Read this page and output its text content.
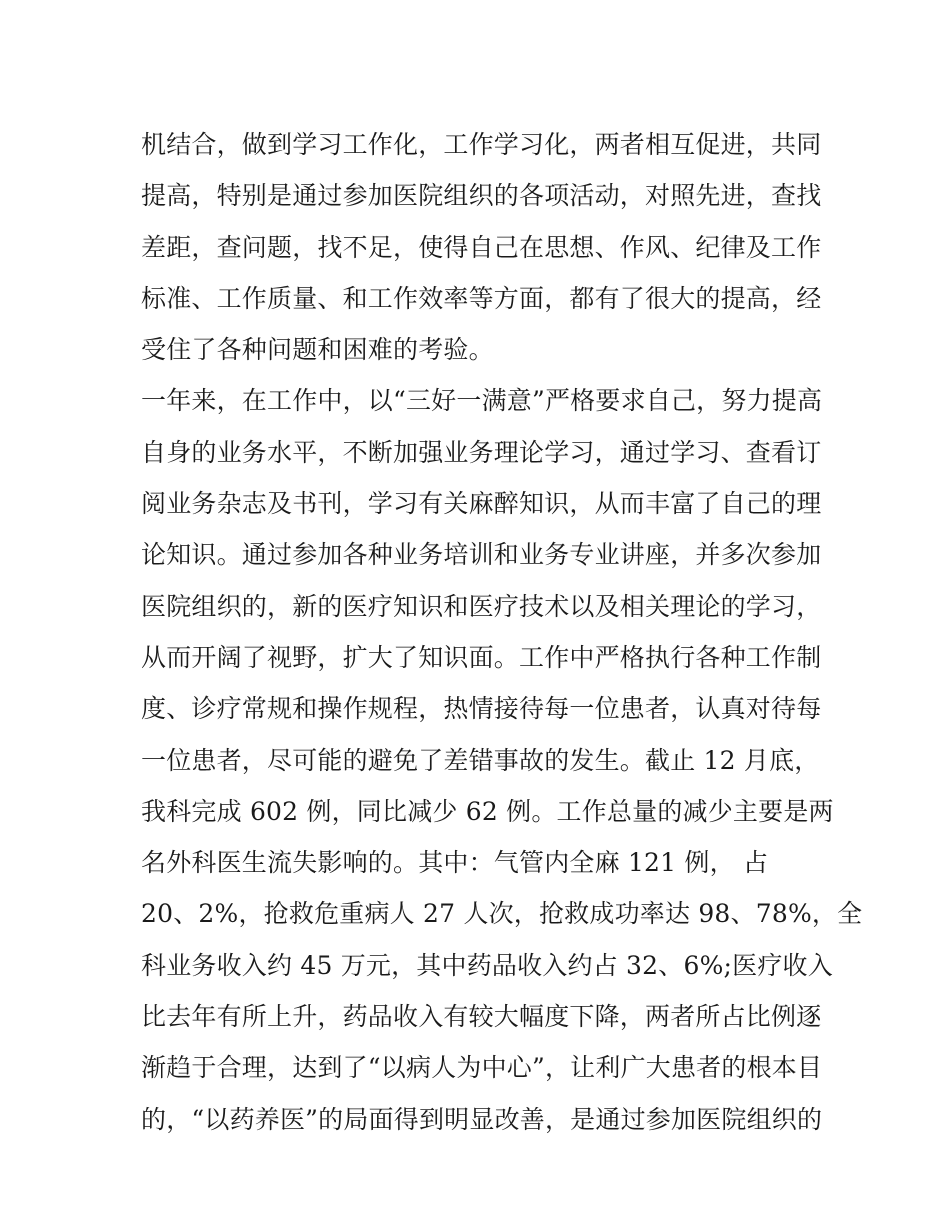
机结合，做到学习工作化，工作学习化，两者相互促进，共同
提高，特别是通过参加医院组织的各项活动，对照先进，查找
差距，查问题，找不足，使得自己在思想、作风、纪律及工作
标准、工作质量、和工作效率等方面，都有了很大的提高，经
受住了各种问题和困难的考验。
一年来，在工作中，以“三好一满意”严格要求自己，努力提高
自身的业务水平，不断加强业务理论学习，通过学习、查看订
阅业务杂志及书刊，学习有关麻醉知识，从而丰富了自己的理
论知识。通过参加各种业务培训和业务专业讲座，并多次参加
医院组织的，新的医疗知识和医疗技术以及相关理论的学习，
从而开阔了视野，扩大了知识面。工作中严格执行各种工作制
度、诊疗常规和操作规程，热情接待每一位患者，认真对待每
一位患者，尽可能的避免了差错事故的发生。截止 12 月底，
我科完成 602 例，同比减少 62 例。工作总量的减少主要是两
名外科医生流失影响的。其中：气管内全麻 121 例， 占
20、2%，抢救危重病人 27 人次，抢救成功率达 98、78%，全
科业务收入约 45 万元，其中药品收入约占 32、6%;医疗收入
比去年有所上升，药品收入有较大幅度下降，两者所占比例逐
渐趋于合理，达到了“以病人为中心”，让利广大患者的根本目
的，“以药养医”的局面得到明显改善，是通过参加医院组织的
